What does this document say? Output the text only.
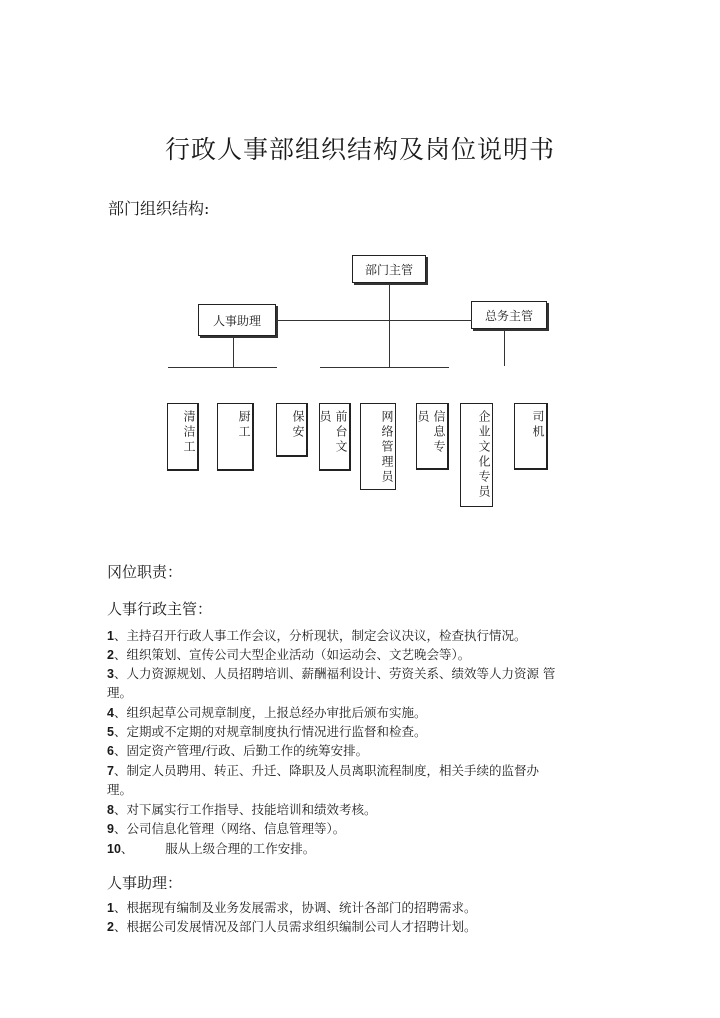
行政人事部组织结构及岗位说明书
部门组织结构:
部门主管
人事助理	总务主管
清洁工	厨工	保安	前台文员	网络管理员	信息专员	企业文化专员	司机
冈位职责：
人事行政主管：
1、主持召开行政人事工作会议，分析现状，制定会议决议，检查执行情况。
2、组织策划、宣传公司大型企业活动（如运动会、文艺晚会等）。
3、人力资源规划、人员招聘培训、薪酬福利设计、劳资关系、绩效等人力资源 管
理。
4、组织起草公司规章制度，上报总经办审批后颁布实施。
5、定期或不定期的对规章制度执行情况进行监督和检查。
6、固定资产管理/行政、后勤工作的统筹安排。
7、制定人员聘用、转正、升迁、降职及人员离职流程制度，相关手续的监督办
理。
8、对下属实行工作指导、技能培训和绩效考核。
9、公司信息化管理（网络、信息管理等）。
10、        服从上级合理的工作安排。
人事助理：
1、根据现有编制及业务发展需求，协调、统计各部门的招聘需求。
2、根据公司发展情况及部门人员需求组织编制公司人才招聘计划。
